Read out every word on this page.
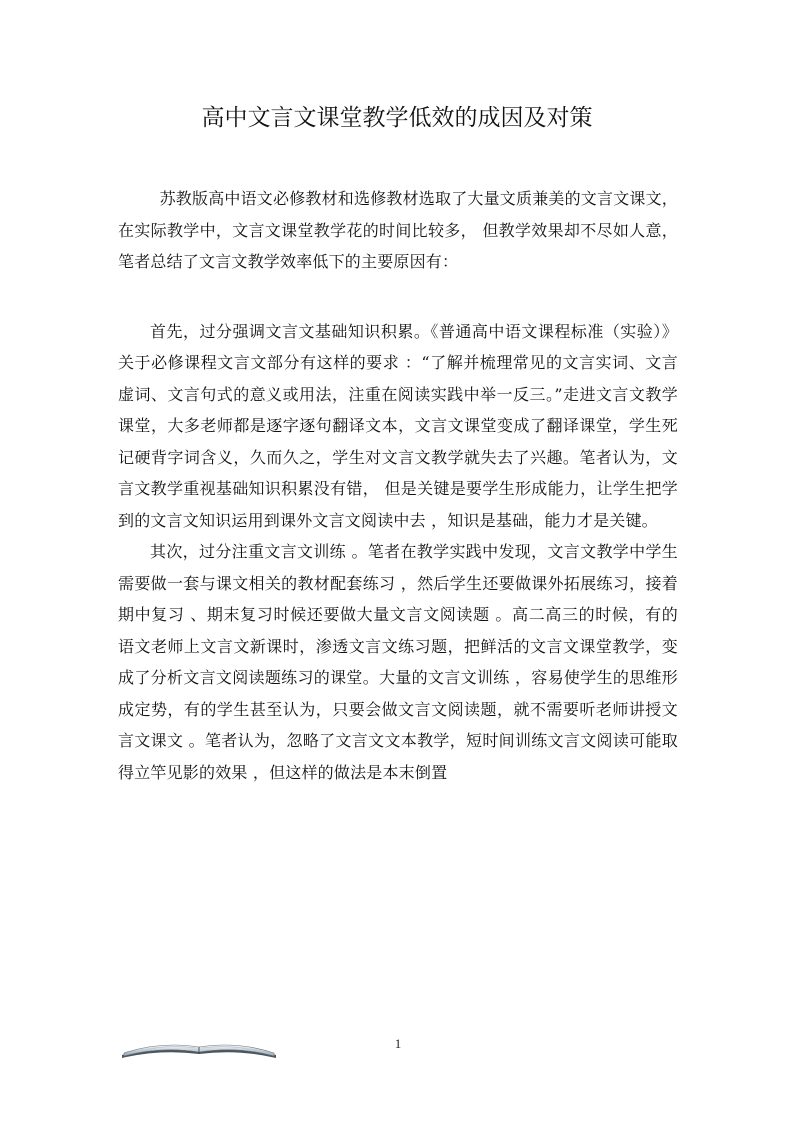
高中文言文课堂教学低效的成因及对策

苏教版高中语文必修教材和选修教材选取了大量文质兼美的文言文课文，在实际教学中，文言文课堂教学花的时间比较多， 但教学效果却不尽如人意，笔者总结了文言文教学效率低下的主要原因有：

首先，过分强调文言文基础知识积累。《普通高中语文课程标准（实验）》关于必修课程文言文部分有这样的要求 ：“了解并梳理常见的文言实词、文言虚词、文言句式的意义或用法，注重在阅读实践中举一反三。”走进文言文教学课堂，大多老师都是逐字逐句翻译文本，文言文课堂变成了翻译课堂，学生死记硬背字词含义，久而久之，学生对文言文教学就失去了兴趣。笔者认为，文言文教学重视基础知识积累没有错， 但是关键是要学生形成能力，让学生把学到的文言文知识运用到课外文言文阅读中去 ，知识是基础，能力才是关键。

其次，过分注重文言文训练 。笔者在教学实践中发现，文言文教学中学生需要做一套与课文相关的教材配套练习 ，然后学生还要做课外拓展练习，接着期中复习 、期末复习时候还要做大量文言文阅读题 。高二高三的时候，有的语文老师上文言文新课时，渗透文言文练习题，把鲜活的文言文课堂教学，变成了分析文言文阅读题练习的课堂。大量的文言文训练 ，容易使学生的思维形成定势，有的学生甚至认为，只要会做文言文阅读题，就不需要听老师讲授文言文课文 。笔者认为，忽略了文言文文本教学，短时间训练文言文阅读可能取得立竿见影的效果 ，但这样的做法是本末倒置

1
